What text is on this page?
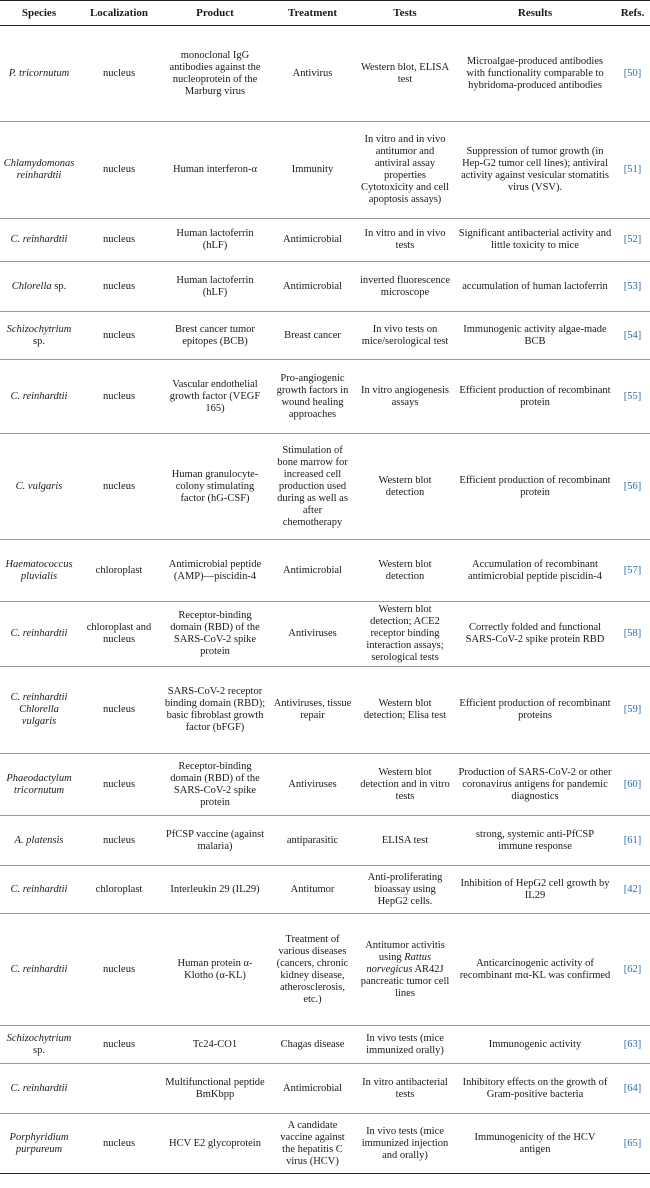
Species	Localization	Product	Treatment	Tests	Results	Refs.
P. tricornutum	nucleus	monoclonal IgG antibodies against the nucleoprotein of the Marburg virus	Antivirus	Western blot, ELISA test	Microalgae-produced antibodies with functionality comparable to hybridoma-produced antibodies	[50]
Chlamydomonas reinhardtii	nucleus	Human interferon-α	Immunity	In vitro and in vivo antitumor and antiviral assay properties Cytotoxicity and cell apoptosis assays)	Suppression of tumor growth (in Hep-G2 tumor cell lines); antiviral activity against vesicular stomatitis virus (VSV).	[51]
C. reinhardtii	nucleus	Human lactoferrin (hLF)	Antimicrobial	In vitro and in vivo tests	Significant antibacterial activity and little toxicity to mice	[52]
Chlorella sp.	nucleus	Human lactoferrin (hLF)	Antimicrobial	inverted fluorescence microscope	accumulation of human lactoferrin	[53]
Schizochytrium sp.	nucleus	Brest cancer tumor epitopes (BCB)	Breast cancer	In vivo tests on mice/serological test	Immunogenic activity algae-made BCB	[54]
C. reinhardtii	nucleus	Vascular endothelial growth factor (VEGF 165)	Pro-angiogenic growth factors in wound healing approaches	In vitro angiogenesis assays	Efficient production of recombinant protein	[55]
C. vulgaris	nucleus	Human granulocyte-colony stimulating factor (hG-CSF)	Stimulation of bone marrow for increased cell production used during as well as after chemotherapy	Western blot detection	Efficient production of recombinant protein	[56]
Haematococcus pluvialis	chloroplast	Antimicrobial peptide (AMP)—piscidin-4	Antimicrobial	Western blot detection	Accumulation of recombinant antimicrobial peptide piscidin-4	[57]
C. reinhardtii	chloroplast and nucleus	Receptor-binding domain (RBD) of the SARS-CoV-2 spike protein	Antiviruses	Western blot detection; ACE2 receptor binding interaction assays; serological tests	Correctly folded and functional SARS-CoV-2 spike protein RBD	[58]
C. reinhardtii Chlorella vulgaris	nucleus	SARS-CoV-2 receptor binding domain (RBD); basic fibroblast growth factor (bFGF)	Antiviruses, tissue repair	Western blot detection; Elisa test	Efficient production of recombinant proteins	[59]
Phaeodactylum tricornutum	nucleus	Receptor-binding domain (RBD) of the SARS-CoV-2 spike protein	Antiviruses	Western blot detection and in vitro tests	Production of SARS-CoV-2 or other coronavirus antigens for pandemic diagnostics	[60]
A. platensis	nucleus	PfCSP vaccine (against malaria)	antiparasitic	ELISA test	strong, systemic anti-PfCSP immune response	[61]
C. reinhardtii	chloroplast	Interleukin 29 (IL29)	Antitumor	Anti-proliferating bioassay using HepG2 cells.	Inhibition of HepG2 cell growth by IL29	[42]
C. reinhardtii	nucleus	Human protein α-Klotho (α-KL)	Treatment of various diseases (cancers, chronic kidney disease, atherosclerosis, etc.)	Antitumor activitis using Rattus norvegicus AR42J pancreatic tumor cell lines	Anticarcinogenic activity of recombinant mα-KL was confirmed	[62]
Schizochytrium sp.	nucleus	Tc24-CO1	Chagas disease	In vivo tests (mice immunized orally)	Immunogenic activity	[63]
C. reinhardtii		Multifunctional peptide BmKbpp	Antimicrobial	In vitro antibacterial tests	Inhibitory effects on the growth of Gram-positive bacteria	[64]
Porphyridium purpureum	nucleus	HCV E2 glycoprotein	A candidate vaccine against the hepatitis C virus (HCV)	In vivo tests (mice immunized injection and orally)	Immunogenicity of the HCV antigen	[65]
